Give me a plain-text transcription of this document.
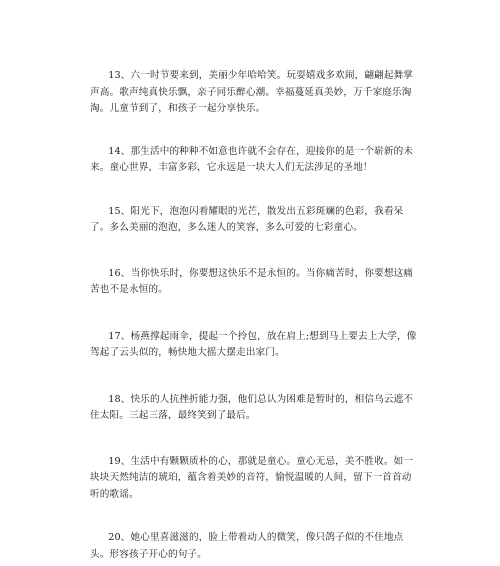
13、六一时节要来到，美丽少年哈哈笑。玩耍嬉戏多欢闹，翩翩起舞掌声高。歌声纯真快乐飘，亲子同乐醉心潮。幸福蔓延真美妙，万千家庭乐淘淘。儿童节到了，和孩子一起分享快乐。

14、那生活中的种种不如意也许就不会存在，迎接你的是一个崭新的未来。童心世界，丰富多彩，它永远是一块大人们无法涉足的圣地！

15、阳光下，泡泡闪着耀眼的光芒，散发出五彩斑斓的色彩，我看呆了。多么美丽的泡泡，多么迷人的笑容，多么可爱的七彩童心。

16、当你快乐时，你要想这快乐不是永恒的。当你痛苦时，你要想这痛苦也不是永恒的。

17、杨燕撑起雨伞，提起一个拎包，放在肩上;想到马上要去上大学，像驾起了云头似的，畅快地大摇大摆走出家门。

18、快乐的人抗挫折能力强，他们总认为困难是暂时的，相信乌云遮不住太阳。三起三落，最终笑到了最后。

19、生活中有颗颗质朴的心，那就是童心。童心无忌，美不胜收。如一块块天然纯洁的琥珀，蕴含着美妙的音符，愉悦温暖的人间，留下一首首动听的歌谣。

20、她心里喜滋滋的，脸上带着动人的微笑，像只鸽子似的不住地点头。形容孩子开心的句子。
